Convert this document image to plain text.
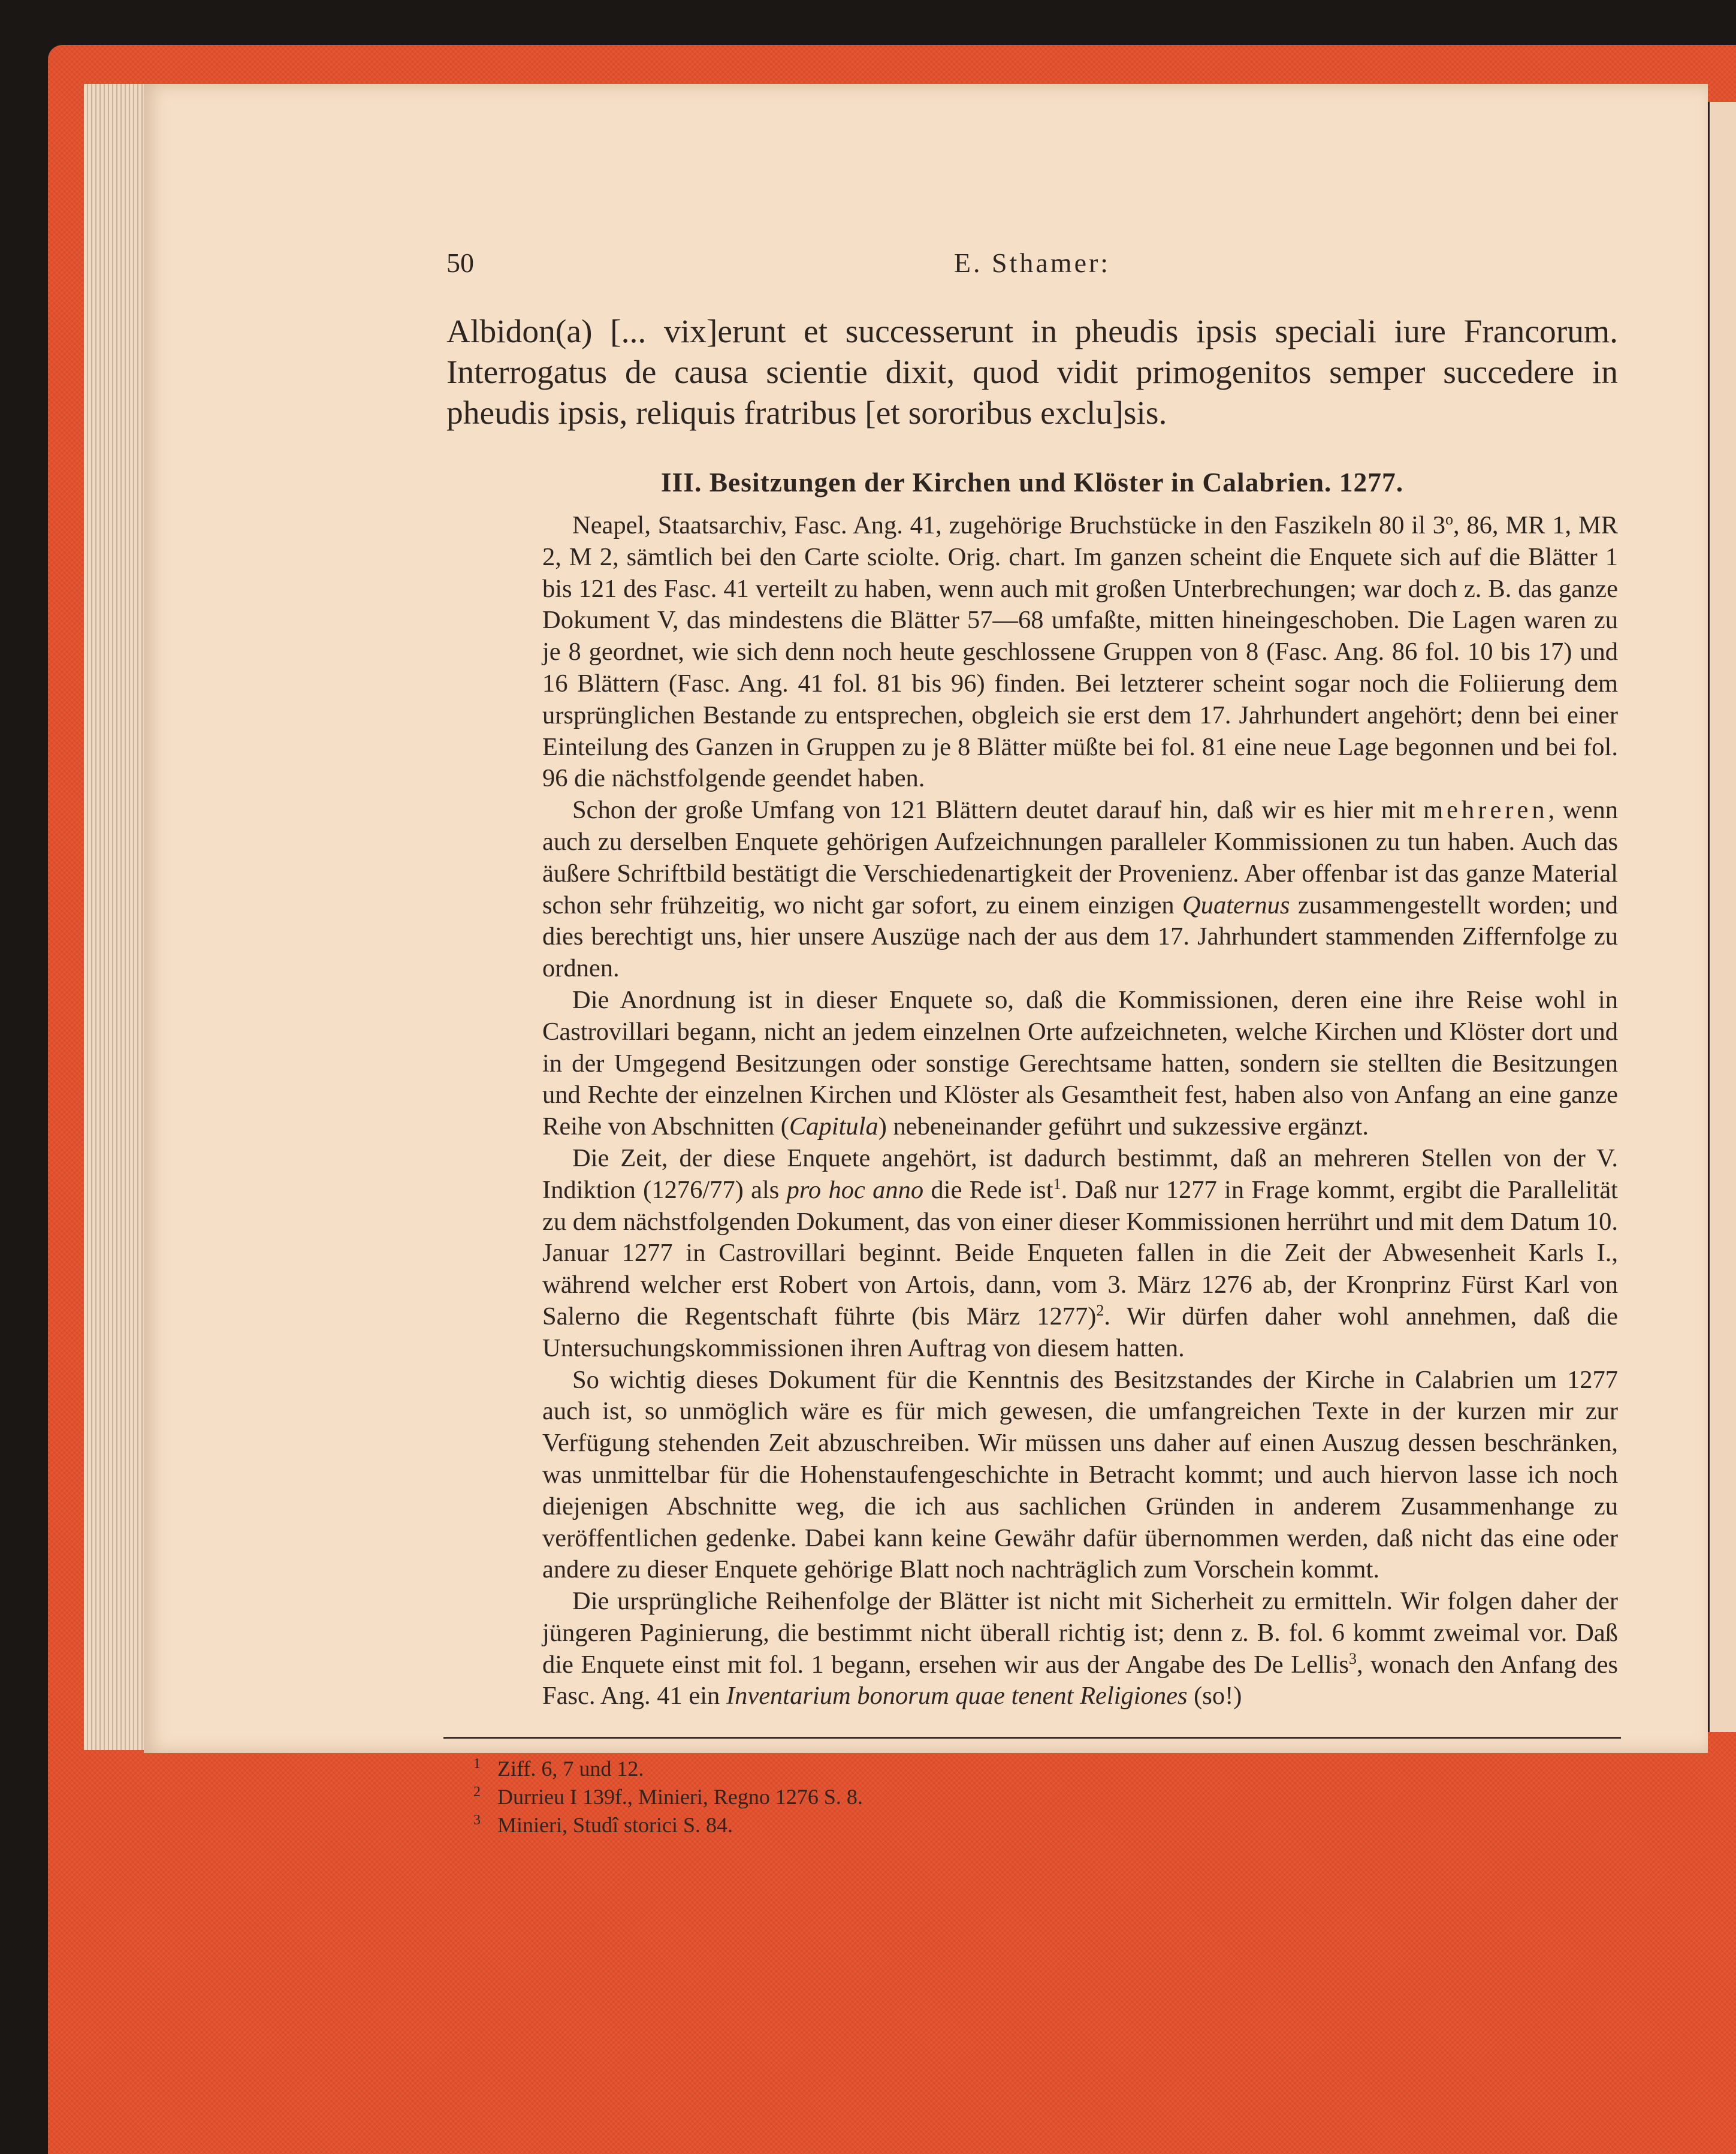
50	E. Sthamer:

Albidon(a) [... vix]erunt et successerunt in pheudis ipsis speciali iure Francorum. Interrogatus de causa scientie dixit, quod vidit primogenitos semper succedere in pheudis ipsis, reliquis fratribus [et sororibus exclu]sis.

III. Besitzungen der Kirchen und Klöster in Calabrien. 1277.

Neapel, Staatsarchiv, Fasc. Ang. 41, zugehörige Bruchstücke in den Faszikeln 80 il 3$^o$, 86, MR 1, MR 2, M 2, sämtlich bei den Carte sciolte. Orig. chart. Im ganzen scheint die Enquete sich auf die Blätter 1 bis 121 des Fasc. 41 verteilt zu haben, wenn auch mit großen Unterbrechungen; war doch z. B. das ganze Dokument V, das mindestens die Blätter 57—68 umfaßte, mitten hineingeschoben. Die Lagen waren zu je 8 geordnet, wie sich denn noch heute geschlossene Gruppen von 8 (Fasc. Ang. 86 fol. 10 bis 17) und 16 Blättern (Fasc. Ang. 41 fol. 81 bis 96) finden. Bei letzterer scheint sogar noch die Foliierung dem ursprünglichen Bestande zu entsprechen, obgleich sie erst dem 17. Jahrhundert angehört; denn bei einer Einteilung des Ganzen in Gruppen zu je 8 Blätter müßte bei fol. 81 eine neue Lage begonnen und bei fol. 96 die nächstfolgende geendet haben.

Schon der große Umfang von 121 Blättern deutet darauf hin, daß wir es hier mit mehreren, wenn auch zu derselben Enquete gehörigen Aufzeichnungen paralleler Kommissionen zu tun haben. Auch das äußere Schriftbild bestätigt die Verschiedenartigkeit der Provenienz. Aber offenbar ist das ganze Material schon sehr frühzeitig, wo nicht gar sofort, zu einem einzigen Quaternus zusammengestellt worden; und dies berechtigt uns, hier unsere Auszüge nach der aus dem 17. Jahrhundert stammenden Ziffernfolge zu ordnen.

Die Anordnung ist in dieser Enquete so, daß die Kommissionen, deren eine ihre Reise wohl in Castrovillari begann, nicht an jedem einzelnen Orte aufzeichneten, welche Kirchen und Klöster dort und in der Umgegend Besitzungen oder sonstige Gerechtsame hatten, sondern sie stellten die Besitzungen und Rechte der einzelnen Kirchen und Klöster als Gesamtheit fest, haben also von Anfang an eine ganze Reihe von Abschnitten (Capitula) nebeneinander geführt und sukzessive ergänzt.

Die Zeit, der diese Enquete angehört, ist dadurch bestimmt, daß an mehreren Stellen von der V. Indiktion (1276/77) als pro hoc anno die Rede ist$^1$. Daß nur 1277 in Frage kommt, ergibt die Parallelität zu dem nächstfolgenden Dokument, das von einer dieser Kommissionen herrührt und mit dem Datum 10. Januar 1277 in Castrovillari beginnt. Beide Enqueten fallen in die Zeit der Abwesenheit Karls I., während welcher erst Robert von Artois, dann, vom 3. März 1276 ab, der Kronprinz Fürst Karl von Salerno die Regentschaft führte (bis März 1277)$^2$. Wir dürfen daher wohl annehmen, daß die Untersuchungskommissionen ihren Auftrag von diesem hatten.

So wichtig dieses Dokument für die Kenntnis des Besitzstandes der Kirche in Calabrien um 1277 auch ist, so unmöglich wäre es für mich gewesen, die umfangreichen Texte in der kurzen mir zur Verfügung stehenden Zeit abzuschreiben. Wir müssen uns daher auf einen Auszug dessen beschränken, was unmittelbar für die Hohenstaufengeschichte in Betracht kommt; und auch hiervon lasse ich noch diejenigen Abschnitte weg, die ich aus sachlichen Gründen in anderem Zusammenhange zu veröffentlichen gedenke. Dabei kann keine Gewähr dafür übernommen werden, daß nicht das eine oder andere zu dieser Enquete gehörige Blatt noch nachträglich zum Vorschein kommt.

Die ursprüngliche Reihenfolge der Blätter ist nicht mit Sicherheit zu ermitteln. Wir folgen daher der jüngeren Paginierung, die bestimmt nicht überall richtig ist; denn z. B. fol. 6 kommt zweimal vor. Daß die Enquete einst mit fol. 1 begann, ersehen wir aus der Angabe des De Lellis$^3$, wonach den Anfang des Fasc. Ang. 41 ein Inventarium bonorum quae tenent Religiones (so!)

1 Ziff. 6, 7 und 12.
2 Durrieu I 139f., Minieri, Regno 1276 S. 8.
3 Minieri, Studî storici S. 84.
